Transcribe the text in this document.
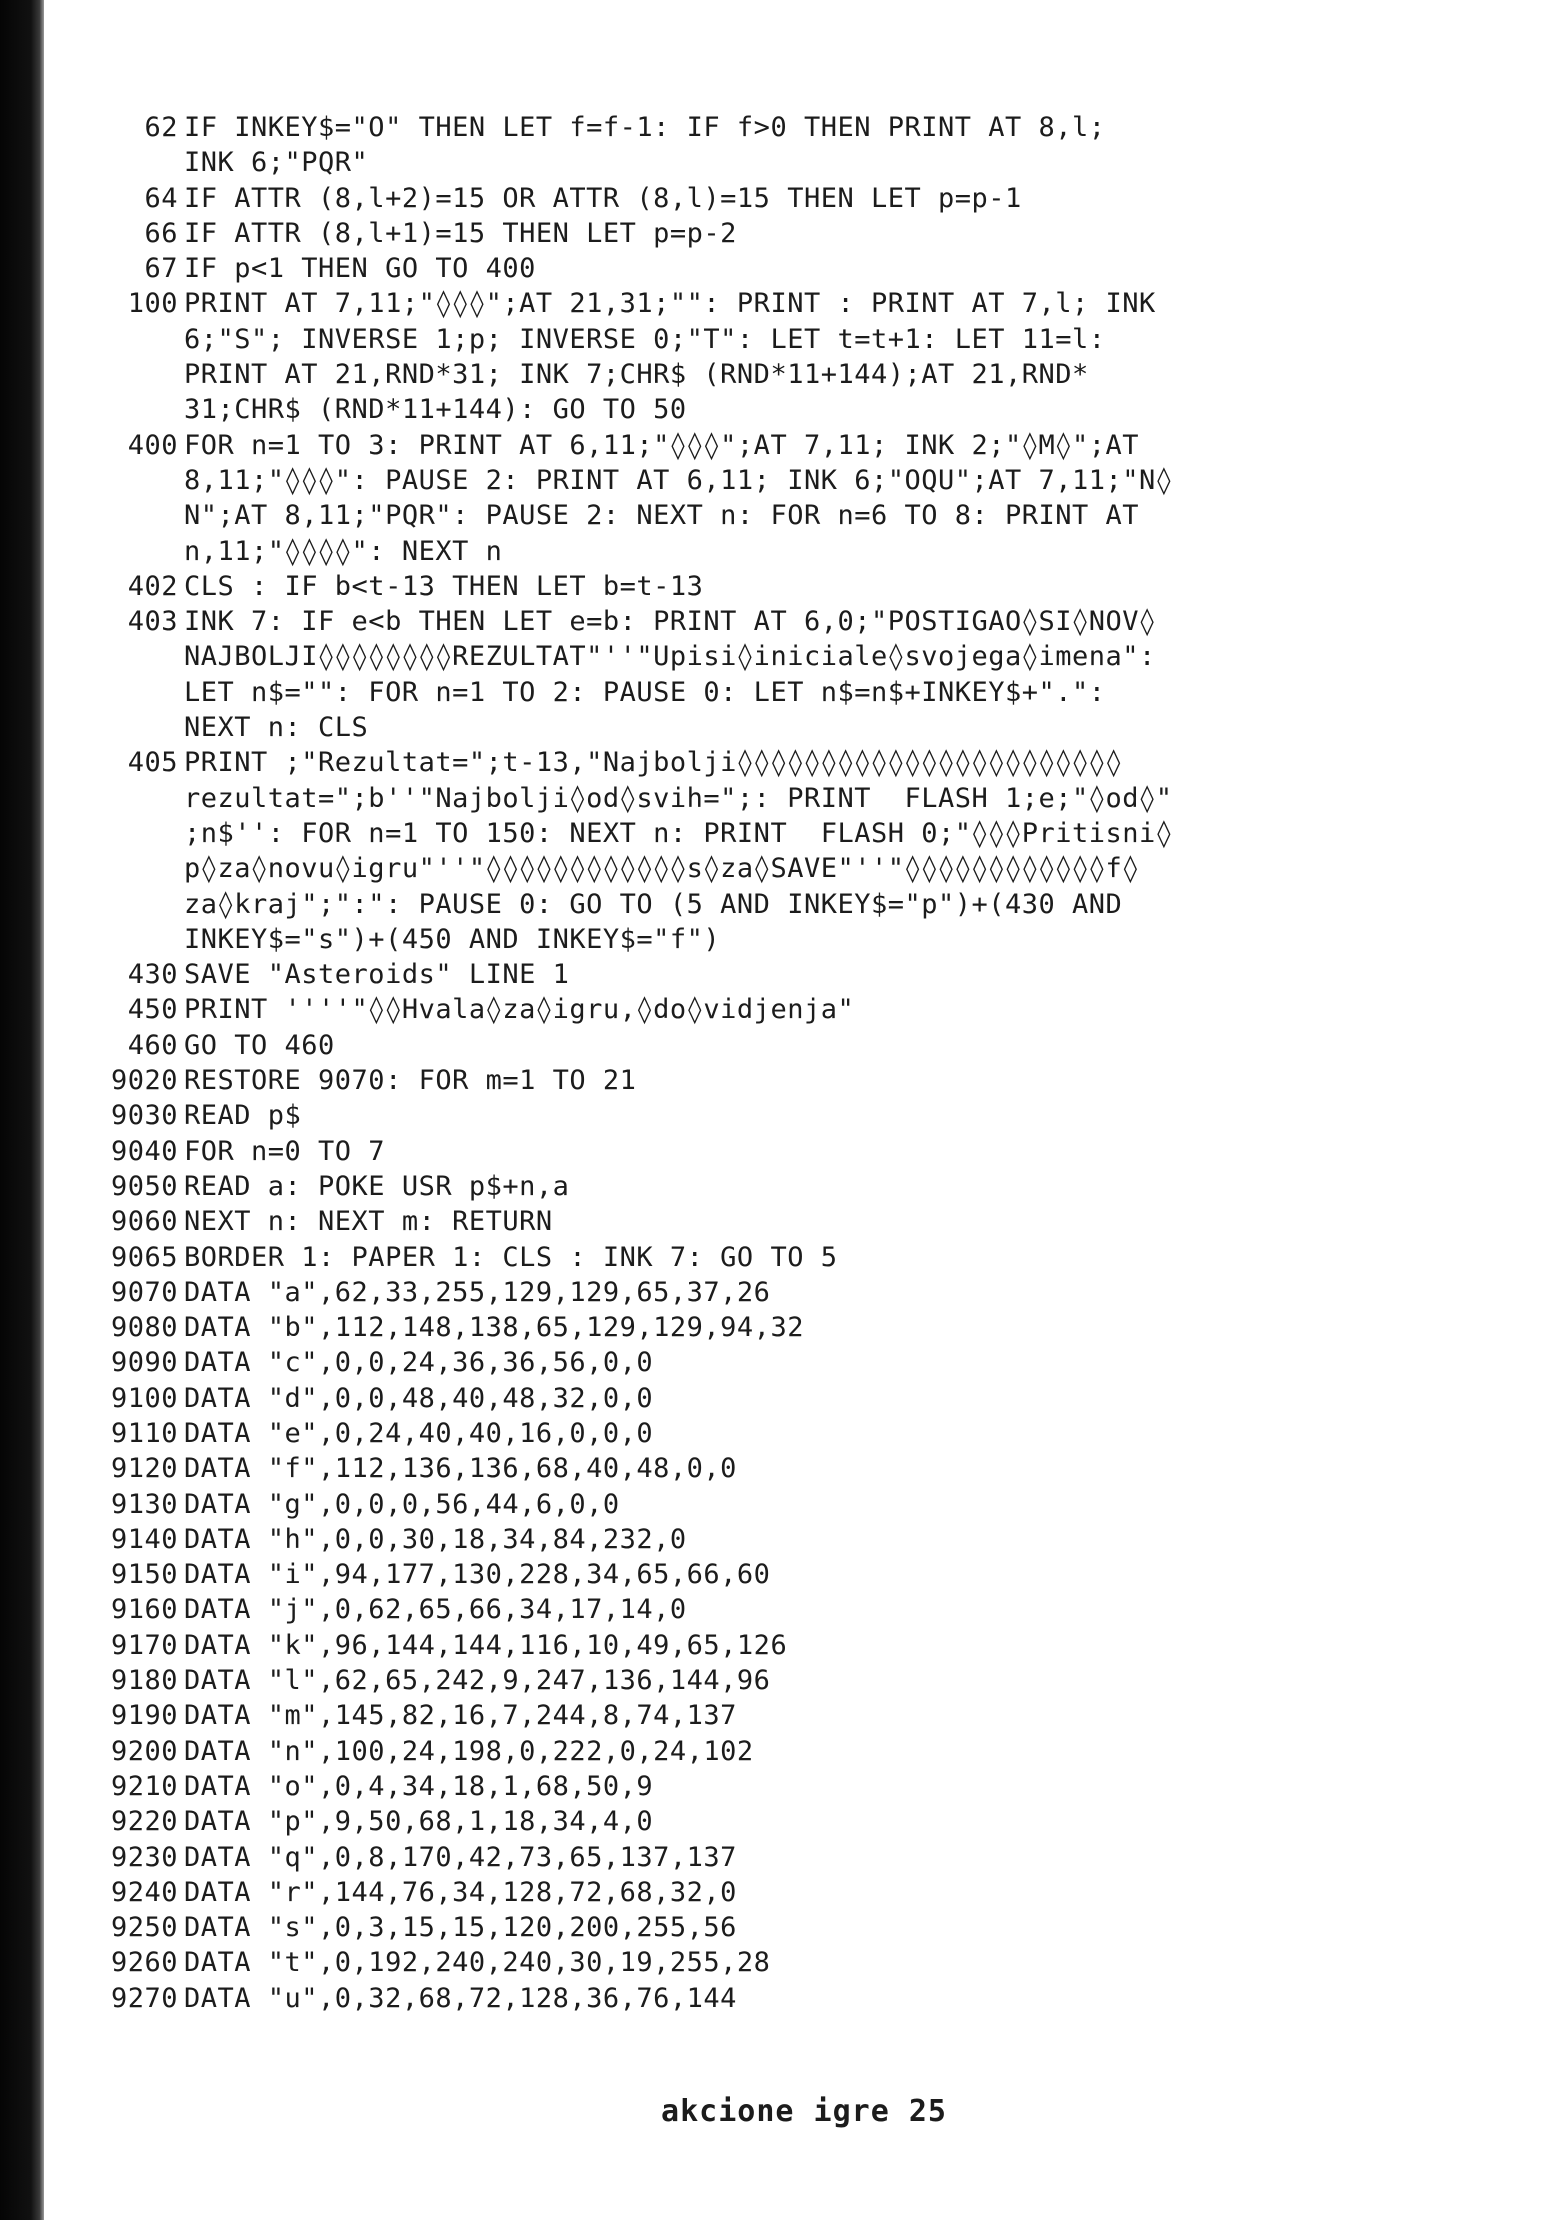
62 IF INKEY$="O" THEN LET f=f-1: IF f>0 THEN PRINT AT 8,l;
INK 6;"PQR"
64 IF ATTR (8,l+2)=15 OR ATTR (8,l)=15 THEN LET p=p-1
66 IF ATTR (8,l+1)=15 THEN LET p=p-2
67 IF p<1 THEN GO TO 400
100 PRINT AT 7,11;"◊◊◊";AT 21,31;"": PRINT : PRINT AT 7,l; INK
6;"S"; INVERSE 1;p; INVERSE 0;"T": LET t=t+1: LET 11=l:
PRINT AT 21,RND*31; INK 7;CHR$ (RND*11+144);AT 21,RND*
31;CHR$ (RND*11+144): GO TO 50
400 FOR n=1 TO 3: PRINT AT 6,11;"◊◊◊";AT 7,11; INK 2;"◊M◊";AT
8,11;"◊◊◊": PAUSE 2: PRINT AT 6,11; INK 6;"OQU";AT 7,11;"N◊
N";AT 8,11;"PQR": PAUSE 2: NEXT n: FOR n=6 TO 8: PRINT AT
n,11;"◊◊◊◊": NEXT n
402 CLS : IF b<t-13 THEN LET b=t-13
403 INK 7: IF e<b THEN LET e=b: PRINT AT 6,0;"POSTIGAO◊SI◊NOV◊
NAJBOLJI◊◊◊◊◊◊◊◊REZULTAT"''"Upisi◊iniciale◊svojega◊imena":
LET n$="": FOR n=1 TO 2: PAUSE 0: LET n$=n$+INKEY$+".":
NEXT n: CLS
405 PRINT ;"Rezultat=";t-13,"Najbolji◊◊◊◊◊◊◊◊◊◊◊◊◊◊◊◊◊◊◊◊◊◊◊
rezultat=";b''"Najbolji◊od◊svih=";: PRINT  FLASH 1;e;"◊od◊"
;n$'': FOR n=1 TO 150: NEXT n: PRINT  FLASH 0;"◊◊◊Pritisni◊
p◊za◊novu◊igru"''"◊◊◊◊◊◊◊◊◊◊◊◊s◊za◊SAVE"''"◊◊◊◊◊◊◊◊◊◊◊◊f◊
za◊kraj";":": PAUSE 0: GO TO (5 AND INKEY$="p")+(430 AND
INKEY$="s")+(450 AND INKEY$="f")
430 SAVE "Asteroids" LINE 1
450 PRINT ''''"◊◊Hvala◊za◊igru,◊do◊vidjenja"
460 GO TO 460
9020 RESTORE 9070: FOR m=1 TO 21
9030 READ p$
9040 FOR n=0 TO 7
9050 READ a: POKE USR p$+n,a
9060 NEXT n: NEXT m: RETURN
9065 BORDER 1: PAPER 1: CLS : INK 7: GO TO 5
9070 DATA "a",62,33,255,129,129,65,37,26
9080 DATA "b",112,148,138,65,129,129,94,32
9090 DATA "c",0,0,24,36,36,56,0,0
9100 DATA "d",0,0,48,40,48,32,0,0
9110 DATA "e",0,24,40,40,16,0,0,0
9120 DATA "f",112,136,136,68,40,48,0,0
9130 DATA "g",0,0,0,56,44,6,0,0
9140 DATA "h",0,0,30,18,34,84,232,0
9150 DATA "i",94,177,130,228,34,65,66,60
9160 DATA "j",0,62,65,66,34,17,14,0
9170 DATA "k",96,144,144,116,10,49,65,126
9180 DATA "l",62,65,242,9,247,136,144,96
9190 DATA "m",145,82,16,7,244,8,74,137
9200 DATA "n",100,24,198,0,222,0,24,102
9210 DATA "o",0,4,34,18,1,68,50,9
9220 DATA "p",9,50,68,1,18,34,4,0
9230 DATA "q",0,8,170,42,73,65,137,137
9240 DATA "r",144,76,34,128,72,68,32,0
9250 DATA "s",0,3,15,15,120,200,255,56
9260 DATA "t",0,192,240,240,30,19,255,28
9270 DATA "u",0,32,68,72,128,36,76,144
akcione igre 25
